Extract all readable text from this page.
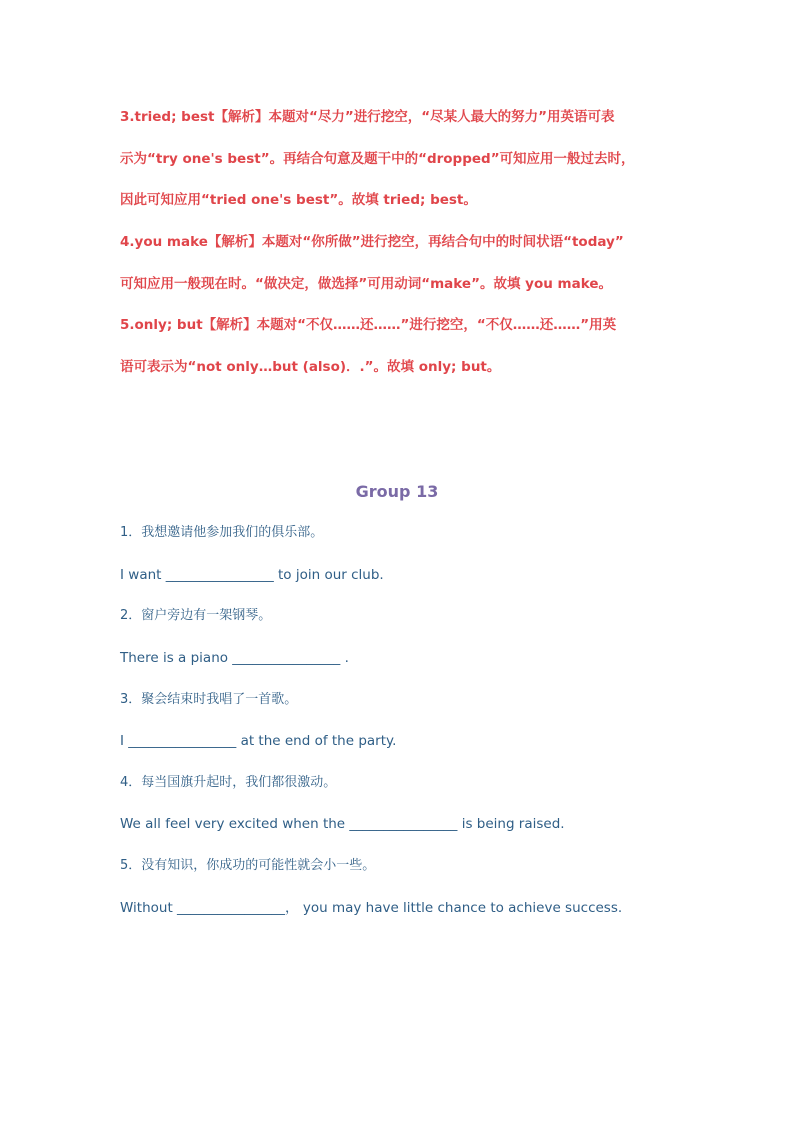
3.tried; best【解析】本题对“尽力”进行挖空，“尽某人最大的努力”用英语可表
示为“try one's best”。再结合句意及题干中的“dropped”可知应用一般过去时，
因此可知应用“tried one's best”。故填 tried; best。
4.you make【解析】本题对“你所做”进行挖空，再结合句中的时间状语“today”
可知应用一般现在时。“做决定，做选择”可用动词“make”。故填 you make。
5.only; but【解析】本题对“不仅……还……”进行挖空，“不仅……还……”用英
语可表示为“not only…but (also)．.”。故填 only; but。
Group 13
1．我想邀请他参加我们的俱乐部。
I want ________________ to join our club.
2．窗户旁边有一架钢琴。
There is a piano ________________ .
3．聚会结束时我唱了一首歌。
I ________________ at the end of the party.
4．每当国旗升起时，我们都很激动。
We all feel very excited when the ________________ is being raised.
5．没有知识，你成功的可能性就会小一些。
Without ________________， you may have little chance to achieve success.
